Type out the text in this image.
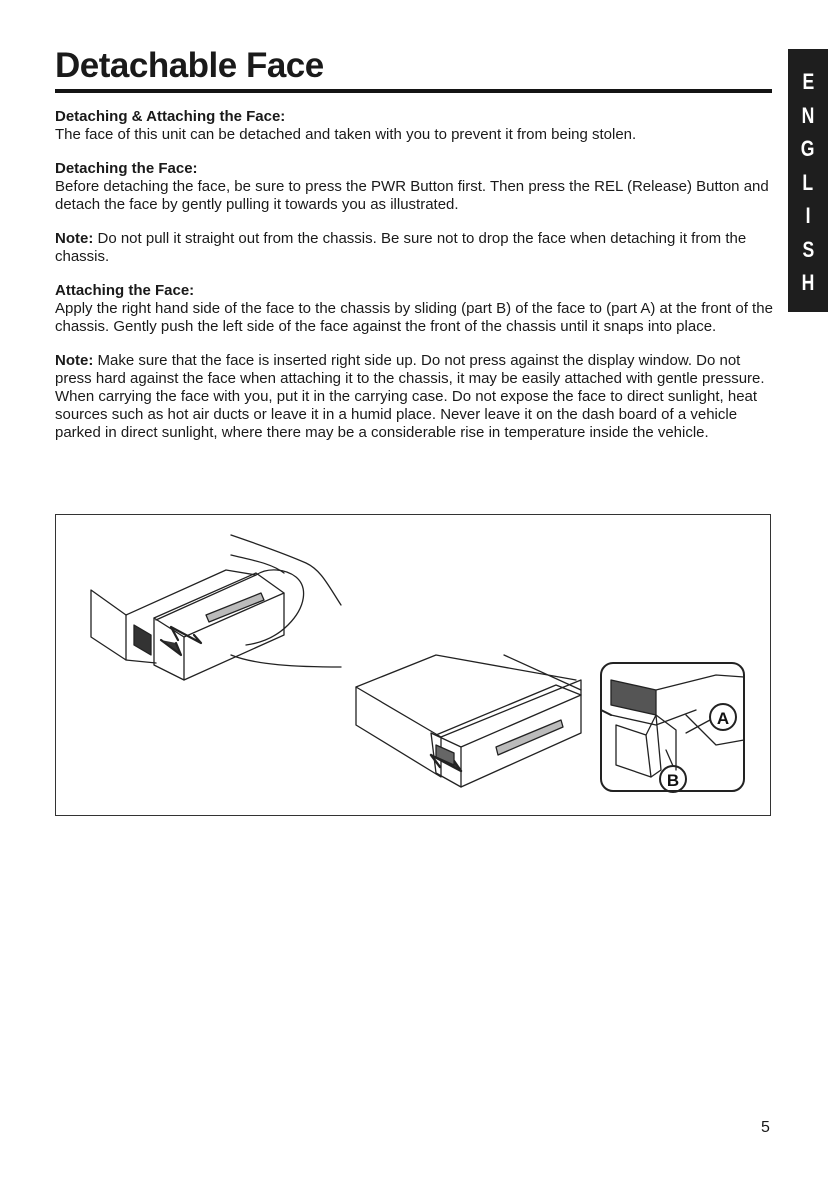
Detachable Face	E
N
G
L
I
S
H
Detaching & Attaching the Face:

The face of this unit can be detached and taken with you to prevent it from being stolen.

Detaching the Face:

Before detaching the face, be sure to press the PWR Button first. Then press the REL (Release) Button and detach the face by gently pulling it towards you as illustrated.

Note: Do not pull it straight out from the chassis. Be sure not to drop the face when detaching it from the chassis.

Attaching the Face:

Apply the right hand side of the face to the chassis by sliding (part B) of the face to (part A) at the front of the chassis. Gently push the left side of the face against the front of the chassis until it snaps into place.

Note: Make sure that the face is inserted right side up. Do not press against the display window. Do not press hard against the face when attaching it to the chassis, it may be easily attached with gentle pressure. When carrying the face with you, put it in the carrying case. Do not expose the face to direct sunlight, heat sources such as hot air ducts or leave it in a humid place. Never leave it on the dash board of a vehicle parked in direct sunlight, where there may be a considerable rise in temperature inside the vehicle.

A
B
5
